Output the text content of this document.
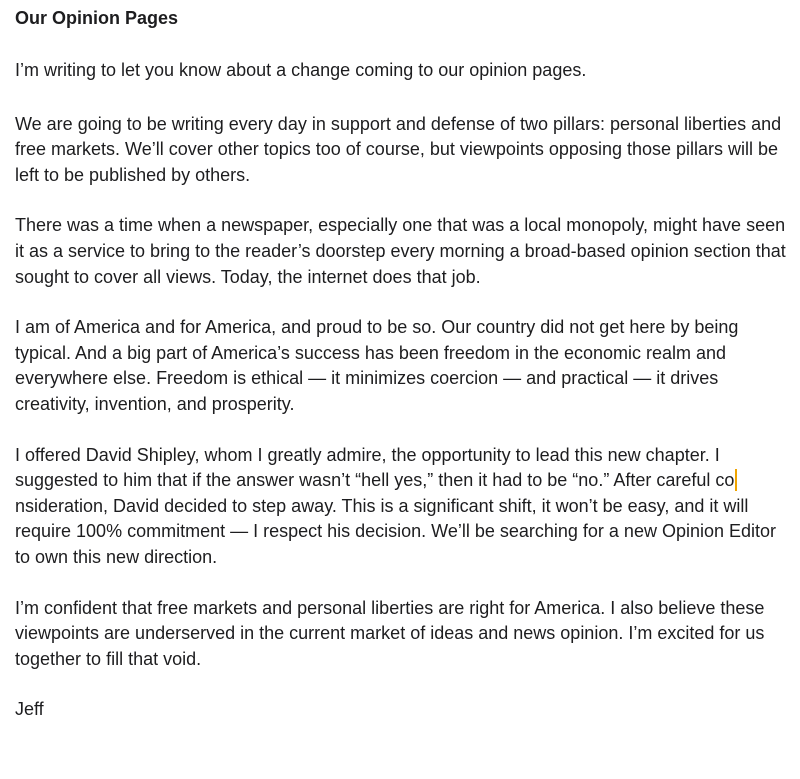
Our Opinion Pages

I’m writing to let you know about a change coming to our opinion pages.

We are going to be writing every day in support and defense of two pillars: personal liberties and free markets. We’ll cover other topics too of course, but viewpoints opposing those pillars will be left to be published by others.

There was a time when a newspaper, especially one that was a local monopoly, might have seen it as a service to bring to the reader’s doorstep every morning a broad-based opinion section that sought to cover all views. Today, the internet does that job.

I am of America and for America, and proud to be so. Our country did not get here by being typical. And a big part of America’s success has been freedom in the economic realm and everywhere else. Freedom is ethical — it minimizes coercion — and practical — it drives creativity, invention, and prosperity.

I offered David Shipley, whom I greatly admire, the opportunity to lead this new chapter. I suggested to him that if the answer wasn’t “hell yes,” then it had to be “no.” After careful consideration, David decided to step away. This is a significant shift, it won’t be easy, and it will require 100% commitment — I respect his decision. We’ll be searching for a new Opinion Editor to own this new direction.

I’m confident that free markets and personal liberties are right for America. I also believe these viewpoints are underserved in the current market of ideas and news opinion. I’m excited for us together to fill that void.

Jeff
